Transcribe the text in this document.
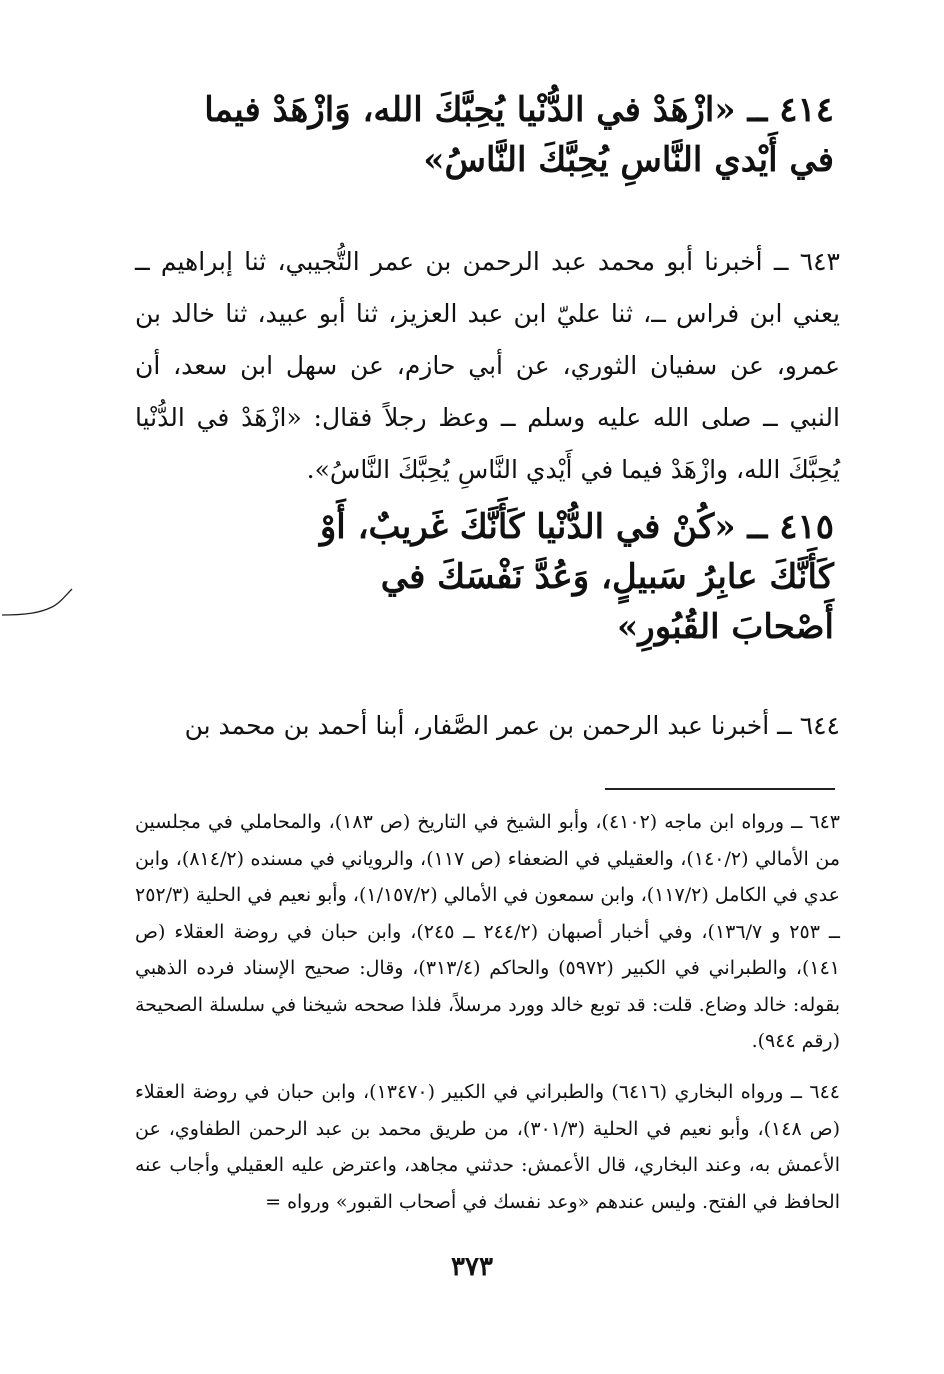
٤١٤ ــ «ازْهَدْ في الدُّنْيا يُحِبَّكَ الله، وَازْهَدْ فيما في أَيْدي النَّاسِ يُحِبَّكَ النَّاسُ»
٦٤٣ ــ أخبرنا أبو محمد عبد الرحمن بن عمر التُّجيبي، ثنا إبراهيم ــ يعني ابن فراس ــ، ثنا عليّ ابن عبد العزيز، ثنا أبو عبيد، ثنا خالد بن عمرو، عن سفيان الثوري، عن أبي حازم، عن سهل ابن سعد، أن النبي ــ صلى الله عليه وسلم ــ وعظ رجلاً فقال: «ازْهَدْ في الدُّنْيا يُحِبَّكَ الله، وازْهَدْ فيما في أَيْدي النَّاسِ يُحِبَّكَ النَّاسُ».
٤١٥ ــ «كُنْ في الدُّنْيا كَأَنَّكَ غَريبٌ، أَوْ كَأَنَّكَ عابِرُ سَبيلٍ، وَعُدَّ نَفْسَكَ في أَصْحابَ القُبُورِ»
٦٤٤ ــ أخبرنا عبد الرحمن بن عمر الصَّفار، أبنا أحمد بن محمد بن
٦٤٣ ــ ورواه ابن ماجه (٤١٠٢)، وأبو الشيخ في التاريخ (ص ١٨٣)، والمحاملي في مجلسين من الأمالي (١٤٠/٢)، والعقيلي في الضعفاء (ص ١١٧)، والروياني في مسنده (٨١٤/٢)، وابن عدي في الكامل (١١٧/٢)، وابن سمعون في الأمالي (١/١٥٧/٢)، وأبو نعيم في الحلية (٢٥٢/٣ ــ ٢٥٣ و ١٣٦/٧)، وفي أخبار أصبهان (٢٤٤/٢ ــ ٢٤٥)، وابن حبان في روضة العقلاء (ص ١٤١)، والطبراني في الكبير (٥٩٧٢) والحاكم (٣١٣/٤)، وقال: صحيح الإسناد فرده الذهبي بقوله: خالد وضاع. قلت: قد توبع خالد وورد مرسلاً، فلذا صححه شيخنا في سلسلة الصحيحة (رقم ٩٤٤).
٦٤٤ ــ ورواه البخاري (٦٤١٦) والطبراني في الكبير (١٣٤٧٠)، وابن حبان في روضة العقلاء (ص ١٤٨)، وأبو نعيم في الحلية (٣٠١/٣)، من طريق محمد بن عبد الرحمن الطفاوي، عن الأعمش به، وعند البخاري، قال الأعمش: حدثني مجاهد، واعترض عليه العقيلي وأجاب عنه الحافظ في الفتح. وليس عندهم «وعد نفسك في أصحاب القبور» ورواه =
٣٧٣
